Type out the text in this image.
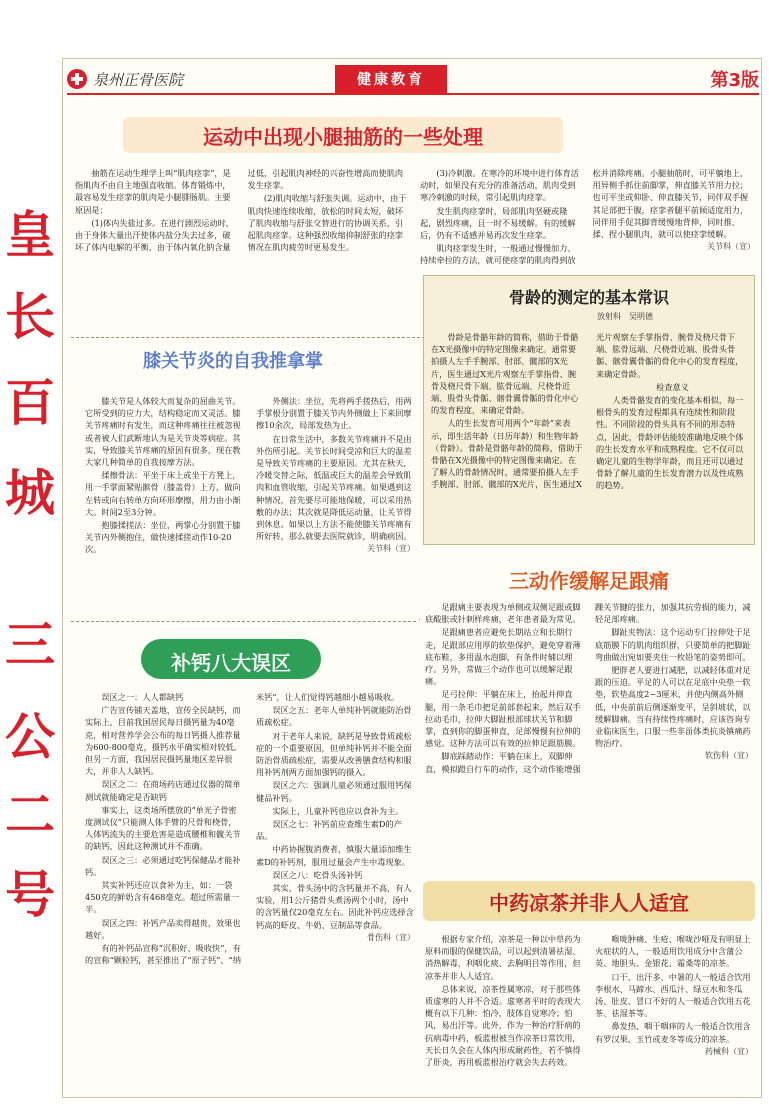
皇
长
百
城
三
公
二
号
泉州正骨医院	健康教育	第3版
运动中出现小腿抽筋的一些处理

抽筋在运动生理学上叫“肌肉痉挛”，是指肌肉不由自主地强直收缩。体育锻炼中，最容易发生痉挛的肌肉是小腿腓肠肌。主要原因是：

(1)体内失盐过多。在进行剧烈运动时，由于身体大量出汗使体内盐分失去过多，破坏了体内电解的平衡，由于体内氧化钠含量过低，引起肌肉神经的兴奋性增高而使肌肉发生痉挛。

(2)肌肉收缩与舒张失调。运动中，由于肌肉快速连续收缩，放松的时间太短，破坏了肌肉收缩与舒张交替进行的协调关系，引起肌肉痉挛。这种强烈收缩抑制舒张的痉挛情况在肌肉疲劳时更易发生。

(3)冷刺激。在寒冷的环境中进行体育活动时，如果没有充分的准备活动，肌肉受到寒冷刺激的时候，常引起肌肉痉挛。

发生肌肉痉挛时，局部肌肉坚硬或隆起，剧烈疼痛，且一时不易缓解。有的缓解后，仍有不适感并易再次发生痉挛。

肌肉痉挛发生时，一般通过慢慢加力、持续牵拉的方法，就可使痉挛的肌肉得到放松并消除疼痛。小腿抽筋时，可平躺地上，用异侧手抓住前脚掌，伸直膝关节用力拉；也可平坐或仰卧、伸直膝关节，同伴双手握其足部把于腹，痉挛者腿平前倾适度用力，同伴用手促其脚背缓慢地背伸，同时推、揉、捏小腿肌肉，就可以使痉挛缓解。

关节科（宣）

骨龄的测定的基本常识
放射科　吴明德

骨龄是骨骼年龄的简称，借助于骨骼在X光摄像中的特定图像来确定。通常要拍摄人左手手腕部、肘部、髋部的X光片，医生通过X光片观察左手掌指骨、腕骨及桡尺骨下端、肱骨远端、尺桡骨近端、股骨头骨骺、髂骨翼骨骺的骨化中心的发育程度，来确定骨龄。

人的生长发育可用两个“年龄”来表示，即生活年龄（日历年龄）和生物年龄（骨龄）。骨龄是骨骼年龄的简称，借助于骨骼在X光摄像中的特定图像来确定。在了解人的骨龄情况时，通常要拍摄人左手手腕部、肘部、髋部的X光片，医生通过X光片观察左手掌指骨、腕骨及桡尺骨下端、肱骨远端、尺桡骨近端、股骨头骨骺、髂骨翼骨骺的骨化中心的发育程度，来确定骨龄。

检查意义

人类骨骼发育的变化基本相似，每一根骨头的发育过程都具有连续性和阶段性。不同阶段的骨头具有不同的形态特点，因此，骨龄评估能较准确地反映个体的生长发育水平和成熟程度。它不仅可以确定儿童的生物学年龄，而且还可以通过骨龄了解儿童的生长发育潜力以及性成熟的趋势。

膝关节炎的自我推拿掌

膝关节是人体较大而复杂的屈曲关节。它所受到的应力大，结构稳定而又灵活。膝关节疼痛时有发生，而这种疼痛往往被忽视或者被人们武断地认为是关节炎等病症。其实，导致膝关节疼痛的原因有很多，现在教大家几种简单的自我按摩方法。

揉擦骨法：平坐于床上或坐于方凳上，用一手掌面紧贴髌骨（膝盖骨）上方，做向左转或向右转单方向环形摩擦，用力由小渐大。时间2至3分钟。

抱膝揉搓法：坐位，两掌心分别置于膝关节内外侧抱住，做快速揉搓动作10-20次。

外侧法：坐位，先将两手搓热后，用两手掌根分别置于膝关节内外侧做上下来回摩擦10余次，局部发热为止。

在日常生活中，多数关节疼痛并不是由外伤所引起。关节长时间受凉和巨大的温差是导致关节疼痛的主要原因。尤其在秋天，冷暖交替之际，低温或巨大的温差会导致肌肉和血管收缩，引起关节疼痛。如果遇到这种情况，首先要尽可能地保暖，可以采用热敷的办法；其次就是降低运动量，让关节得到休息。如果以上方法不能使膝关节疼痛有所好转，那么就要去医院就诊，明确病因。

关节科（宣）

三动作缓解足跟痛

足跟痛主要表现为单侧或双侧足跟或脚底酸胀或针刺样疼痛，老年患者最为常见。

足跟痛患者应避免长期站立和长期行走，足跟部应用厚的软垫保护，避免穿着薄底布鞋，多用温水泡脚，有条件时辅以理疗。另外，常做三个动作也可以缓解足跟痛。

足弓拉伸：平躺在床上，抬起并伸直腿，用一条毛巾把足前部套起来，然后双手拉动毛巾，拉伸大脚趾根部球状关节和脚掌，直到你的脚蛋伸直，足部慢慢有拉伸的感觉。这种方法可以有效的拉伸足跟筋膜。

脚底踩踏动作：平躺在床上，双脚伸直，模拟蹬自行车的动作，这个动作能增强踝关节腱的张力，加强其抗劳损的能力，减轻足部疼痛。

脚趾夹物法：这个运动专门拉伸处于足底筋膜下的肌肉组织群，只要简单的把脚趾弯曲做出宛如要夹住一枚铅笔的姿势即可。

肥胖老人要进行减肥，以减轻体重对足跟的压迫。平足的人可以在足底中央垫一软垫，软垫高度2~3厘米，并使内侧高外侧低，中央前前后侧逐渐变平，呈斜坡状，以缓解脚痛。当有持续性疼痛时，应该咨询专业临床医生，口服一些非甾体类抗炎镇痛药物治疗。

软伤科（宣）

补钙八大误区

误区之一：人人都缺钙

广告宣传铺天盖地，宣传全民缺钙，而实际上，目前我国居民每日摄钙量为40毫克，相对营养学会公布的每日钙摄人推荐量为600-800毫克，摄钙水平确实相对较低。但另一方面，我国居民摄钙量地区差异很大，并非人人缺钙。

误区之二：在商场药店通过仪器的简单测试就能确定是否缺钙

事实上，这类场所摆放的“单光子骨密度测试仪”只能测人体手臂的尺骨和桡骨，人体钙流失的主要危害是造成腰椎和髋关节的缺钙，因此这种测试并不准确。

误区之三：必须通过吃钙保健品才能补钙。

其实补钙还应以食补为主，如：一袋450克的鲜奶含有468毫克。超过所需量一半。

误区之四：补钙产品卖得越贵，效果也越好。

有的补钙品宣称“沉积好、吸收快”，有的宣称“颗粒钙，甚至推出了“原子钙”、“纳米钙”，让人们觉得钙越细小越易吸收。

误区之五：老年人单纯补钙就能防治骨质疏松症。

对于老年人来说，缺钙是导致骨质疏松症的一个重要原因，但单纯补钙并不能全面防治骨质疏松症，需要从改善膳食结构和服用补钙剂两方面加强钙的摄入。

误区之六：强调儿童必须通过服用钙保健品补钙。

实际上，儿童补钙也应以食补为主。

误区之七：补钙前应查维生素D的产品。

中药协握腹消费者，慎服大量添加维生素D的补钙剂，服用过量会产生中毒现象。

误区之八：吃骨头汤补钙

其实，骨头汤中的含钙量并不高，有人实验，用1公斤猪骨头煮汤两个小时，汤中的含钙量仅20毫克左右。因此补钙应选择含钙高的虾皮、牛奶、豆制品等食品。

骨伤科（宣）

中药凉茶并非人人适宜

根据专家介绍，凉茶是一种以中草药为原料而服的保健饮品，可以起到清暑祛湿、消热解毒、利咽化痰、去胸明目等作用，但凉茶并非人人适宜。

总体来说，凉茶性属寒凉，对于那些体质虚寒的人并不合适。虚寒者平时的表现大概有以下几种：怕冷，肢体自觉寒冷；怕风，易出汗等。此外，作为一种治疗肝病的抗病毒中药，板蓝根被当作凉茶日常饮用，天长日久会在人体内形成耐药性，若不慎得了肝炎，再用板蓝根治疗就会失去药效。

喉咙肿痛、生疮、喉咙沙哑及有明显上火症状的人，一般适用饮用成分中含蒲公英、地胆头、金银花、霜桑等的凉茶。

口干、出汗多、中暑的人一般适合饮用李根水、马蹄水、西瓜汁、绿豆水和冬瓜汤、肚皮、冒口不好的人一般适合饮用五花茶、祛湿茶等。

鼻发热、咽干咽痒的人一般适合饮用含有罗汉果、玉竹或麦冬等成分的凉茶。

药械科（宣）
